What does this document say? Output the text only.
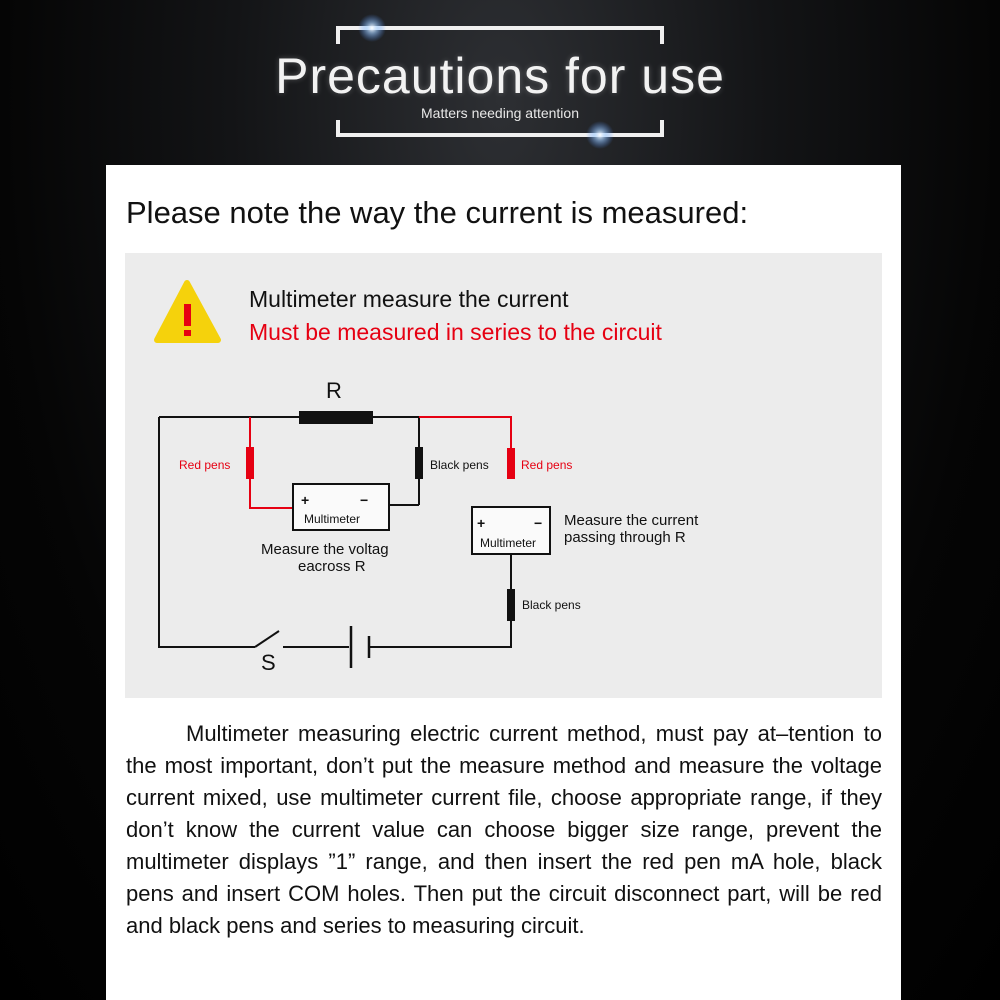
Precautions for use
Matters needing attention
Please note the way the current is measured:
Multimeter measure the current
Must be measured in series to the circuit
R
S
Red pens	Black pens	Red pens
Black pens
+	−
Multimeter	+	−
Multimeter
Measure the voltag
eacross R
Measure the current
passing through R
Multimeter measuring electric current method, must pay at–tention to the most important, don’t put the measure method and measure the voltage current mixed, use multimeter current file, choose appropriate range, if they don’t know the current value can choose bigger size range, prevent the multimeter displays ”1” range, and then insert the red pen mA hole, black pens and insert COM holes. Then put the circuit disconnect part, will be red and black pens and series to measuring circuit.
